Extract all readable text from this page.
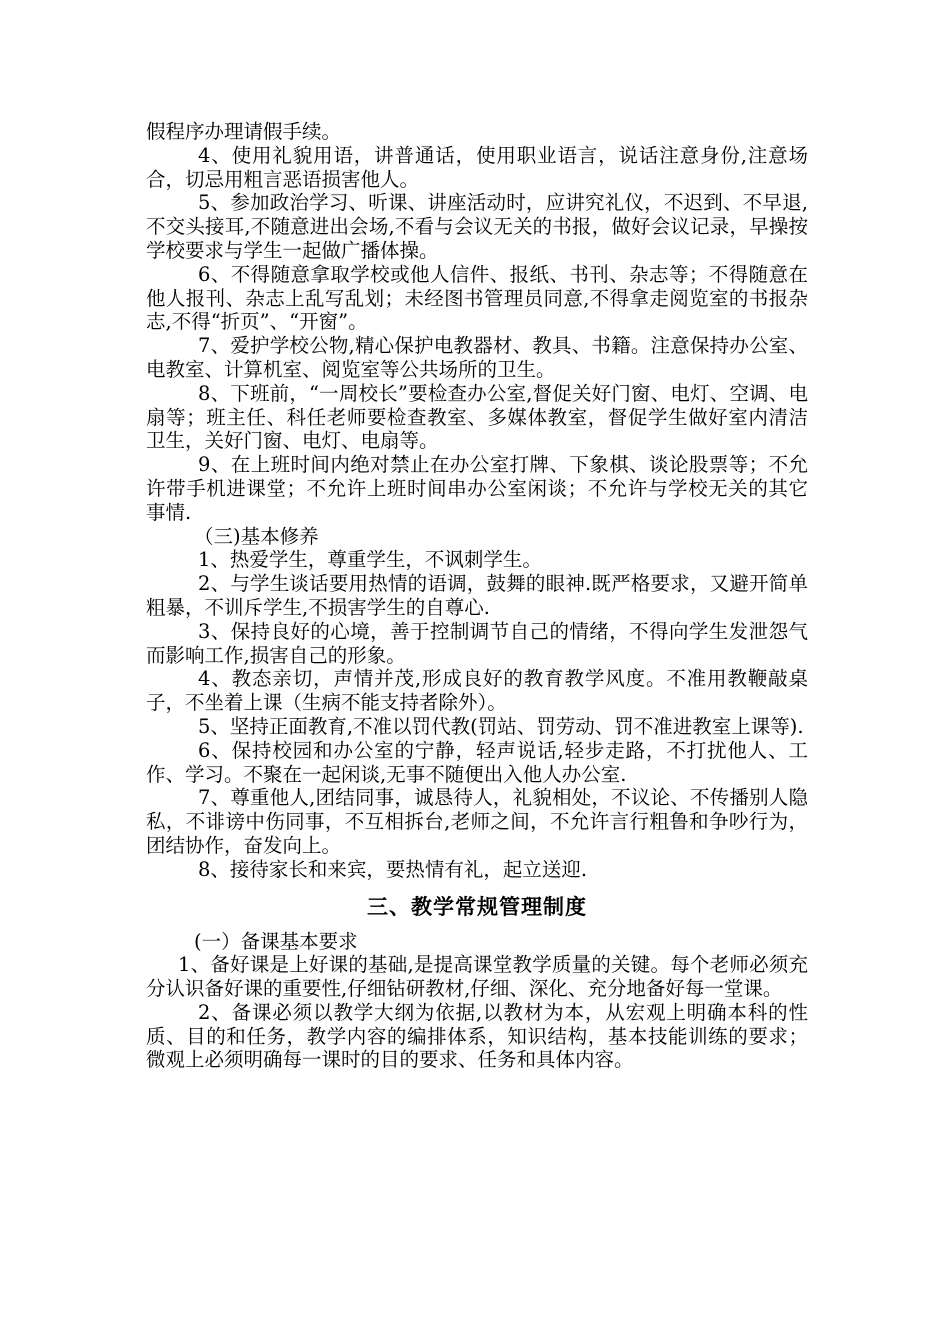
假程序办理请假手续。

4、使用礼貌用语，讲普通话，使用职业语言，说话注意身份,注意场合，切忌用粗言恶语损害他人。

5、参加政治学习、听课、讲座活动时，应讲究礼仪，不迟到、不早退,不交头接耳,不随意进出会场,不看与会议无关的书报，做好会议记录，早操按学校要求与学生一起做广播体操。

6、不得随意拿取学校或他人信件、报纸、书刊、杂志等；不得随意在他人报刊、杂志上乱写乱划；未经图书管理员同意,不得拿走阅览室的书报杂志,不得“折页”、“开窗”。

7、爱护学校公物,精心保护电教器材、教具、书籍。注意保持办公室、电教室、计算机室、阅览室等公共场所的卫生。

8、下班前，“一周校长”要检查办公室,督促关好门窗、电灯、空调、电扇等；班主任、科任老师要检查教室、多媒体教室，督促学生做好室内清洁卫生，关好门窗、电灯、电扇等。

9、在上班时间内绝对禁止在办公室打牌、下象棋、谈论股票等；不允许带手机进课堂；不允许上班时间串办公室闲谈；不允许与学校无关的其它事情.

（三)基本修养

1、热爱学生，尊重学生，不讽刺学生。

2、与学生谈话要用热情的语调，鼓舞的眼神.既严格要求，又避开简单粗暴，不训斥学生,不损害学生的自尊心.

3、保持良好的心境，善于控制调节自己的情绪，不得向学生发泄怨气而影响工作,损害自己的形象。

4、教态亲切，声情并茂,形成良好的教育教学风度。不准用教鞭敲桌子，不坐着上课（生病不能支持者除外）。

5、坚持正面教育,不准以罚代教(罚站、罚劳动、罚不准进教室上课等).

6、保持校园和办公室的宁静，轻声说话,轻步走路，不打扰他人、工作、学习。不聚在一起闲谈,无事不随便出入他人办公室.

7、尊重他人,团结同事，诚恳待人，礼貌相处，不议论、不传播别人隐私，不诽谤中伤同事，不互相拆台,老师之间，不允许言行粗鲁和争吵行为，团结协作，奋发向上。

8、接待家长和来宾，要热情有礼，起立送迎.

三、教学常规管理制度

(一）备课基本要求

1、备好课是上好课的基础,是提高课堂教学质量的关键。每个老师必须充分认识备好课的重要性,仔细钻研教材,仔细、深化、充分地备好每一堂课。

2、备课必须以教学大纲为依据,以教材为本，从宏观上明确本科的性质、目的和任务，教学内容的编排体系，知识结构，基本技能训练的要求；微观上必须明确每一课时的目的要求、任务和具体内容。
